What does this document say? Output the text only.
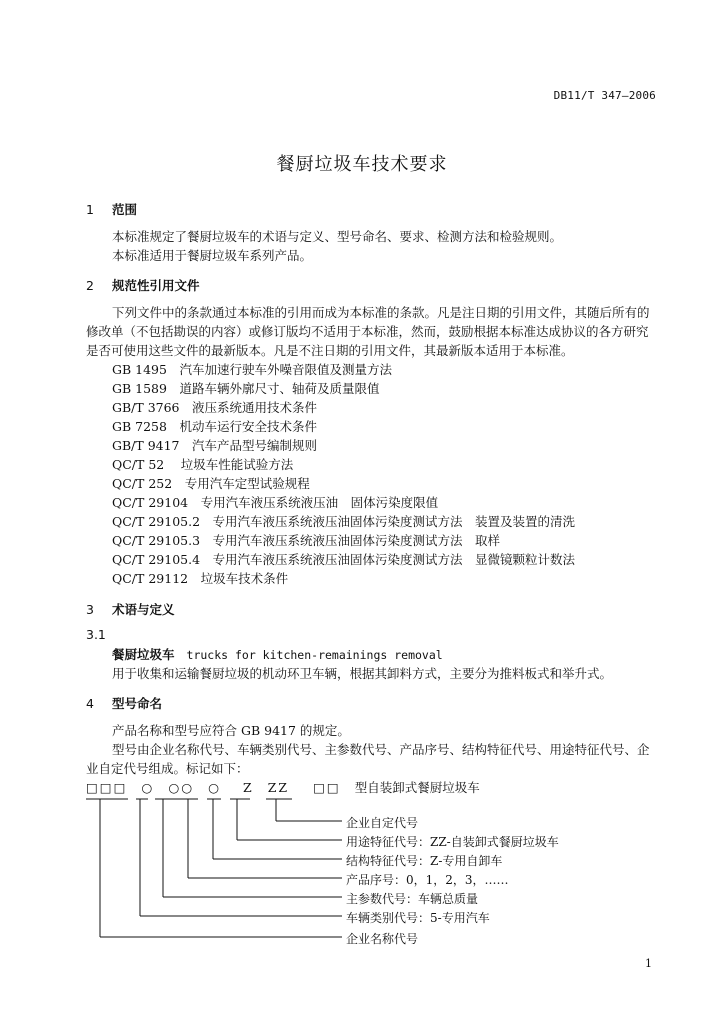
DB11/T 347—2006
餐厨垃圾车技术要求
1 范围
本标准规定了餐厨垃圾车的术语与定义、型号命名、要求、检测方法和检验规则。
本标准适用于餐厨垃圾车系列产品。
2 规范性引用文件
下列文件中的条款通过本标准的引用而成为本标准的条款。凡是注日期的引用文件，其随后所有的
修改单（不包括勘误的内容）或修订版均不适用于本标准，然而，鼓励根据本标准达成协议的各方研究
是否可使用这些文件的最新版本。凡是不注日期的引用文件，其最新版本适用于本标准。
GB 1495　汽车加速行驶车外噪音限值及测量方法
GB 1589　道路车辆外廓尺寸、轴荷及质量限值
GB/T 3766　液压系统通用技术条件
GB 7258　机动车运行安全技术条件
GB/T 9417　汽车产品型号编制规则
QC/T 52　 垃圾车性能试验方法
QC/T 252　专用汽车定型试验规程
QC/T 29104　专用汽车液压系统液压油　固体污染度限值
QC/T 29105.2　专用汽车液压系统液压油固体污染度测试方法　装置及装置的清洗
QC/T 29105.3　专用汽车液压系统液压油固体污染度测试方法　取样
QC/T 29105.4　专用汽车液压系统液压油固体污染度测试方法　显微镜颗粒计数法
QC/T 29112　垃圾车技术条件
3 术语与定义
3.1
餐厨垃圾车 trucks for kitchen-remainings removal
用于收集和运输餐厨垃圾的机动环卫车辆，根据其卸料方式，主要分为推料板式和举升式。
4 型号命名
产品名称和型号应符合 GB 9417 的规定。
型号由企业名称代号、车辆类别代号、主参数代号、产品序号、结构特征代号、用途特征代号、企
业自定代号组成。标记如下：
□□□ ○ ○○ ○ Z ZZ □□ 型自装卸式餐厨垃圾车
企业自定代号
用途特征代号：ZZ-自装卸式餐厨垃圾车
结构特征代号：Z-专用自卸车
产品序号：0，1，2，3，……
主参数代号：车辆总质量
车辆类别代号：5-专用汽车
企业名称代号
1
